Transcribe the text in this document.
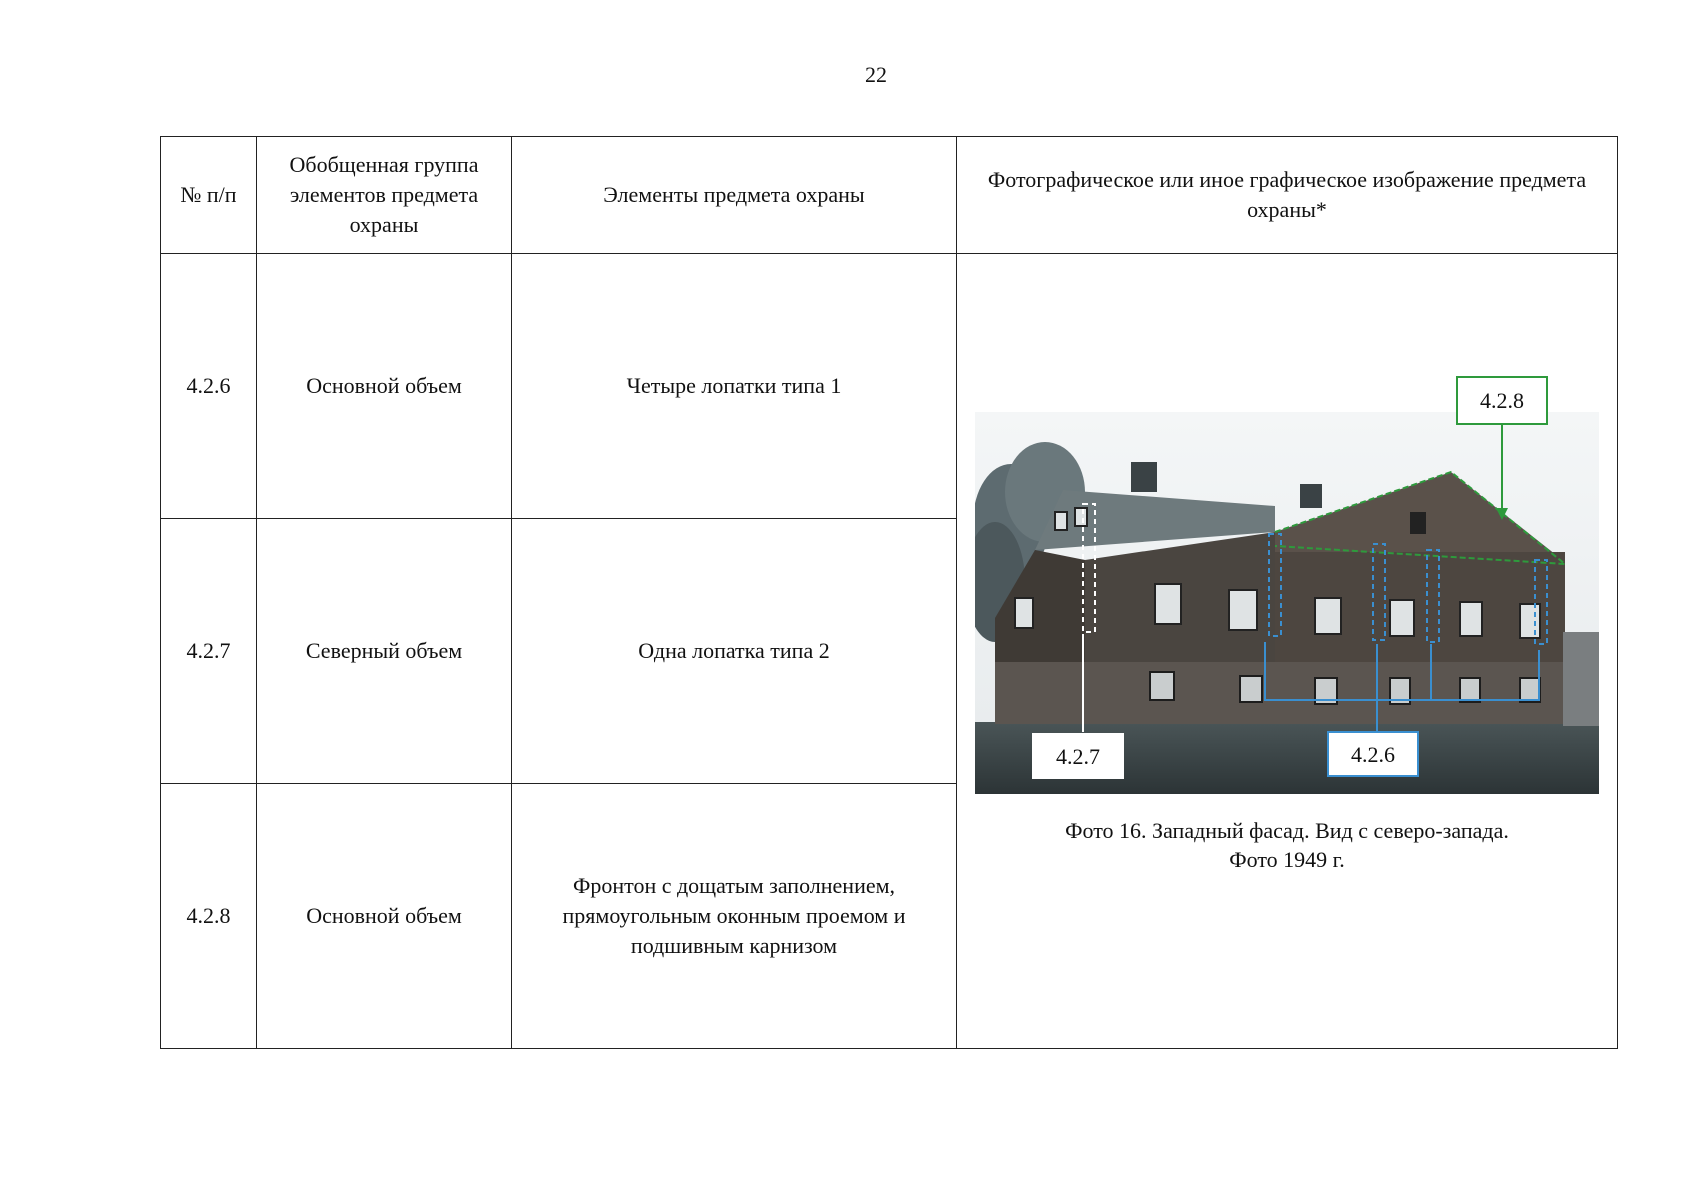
22
№ п/п	Обобщенная группа элементов предмета охраны	Элементы предмета охраны	Фотографическое или иное графическое изображение предмета охраны*
4.2.6	Основной объем	Четыре лопатки типа 1	4.2.8
4.2.7 4.2.6
Фото 16. Западный фасад. Вид с северо-запада.
Фото 1949 г.

4.2.7	Северный объем	Одна лопатка типа 2	
4.2.8	Основной объем	Фронтон с дощатым заполнением, прямоугольным оконным проемом и подшивным карнизом	
